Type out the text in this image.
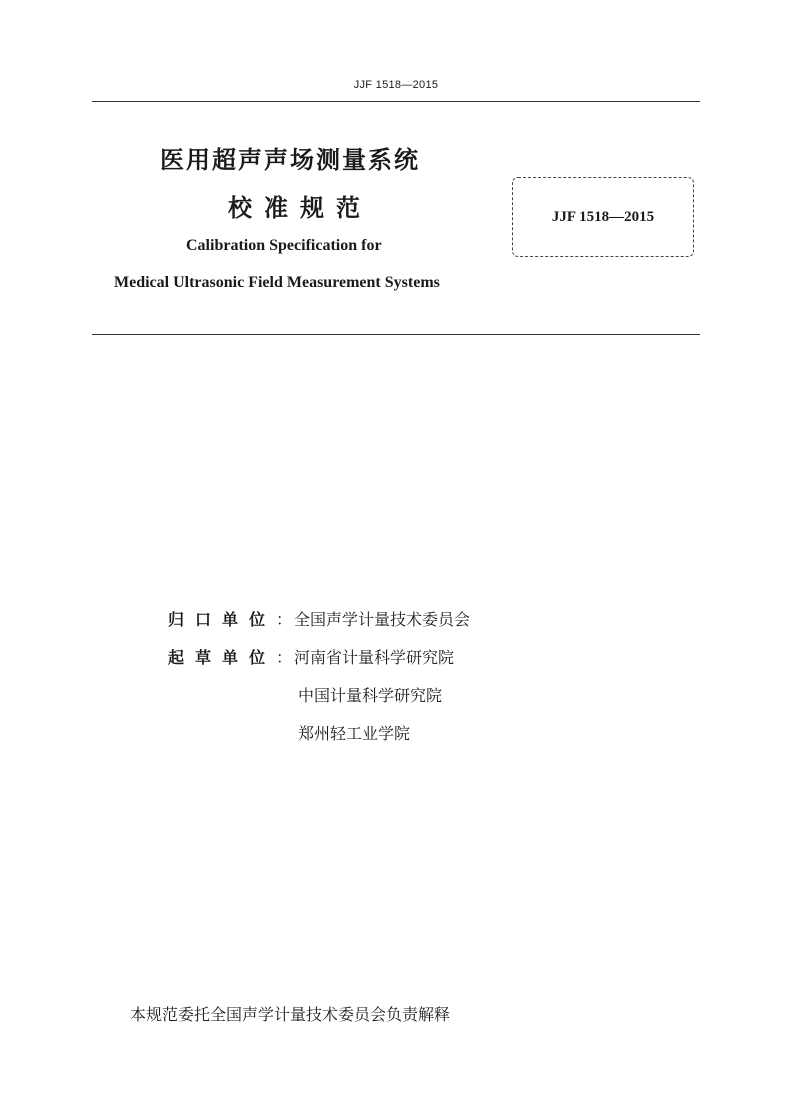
JJF 1518—2015
医用超声声场测量系统
校准规范
Calibration Specification for
Medical Ultrasonic Field Measurement Systems
JJF 1518—2015
归口单位 ： 全国声学计量技术委员会
起草单位 ： 河南省计量科学研究院
中国计量科学研究院
郑州轻工业学院
本规范委托全国声学计量技术委员会负责解释
